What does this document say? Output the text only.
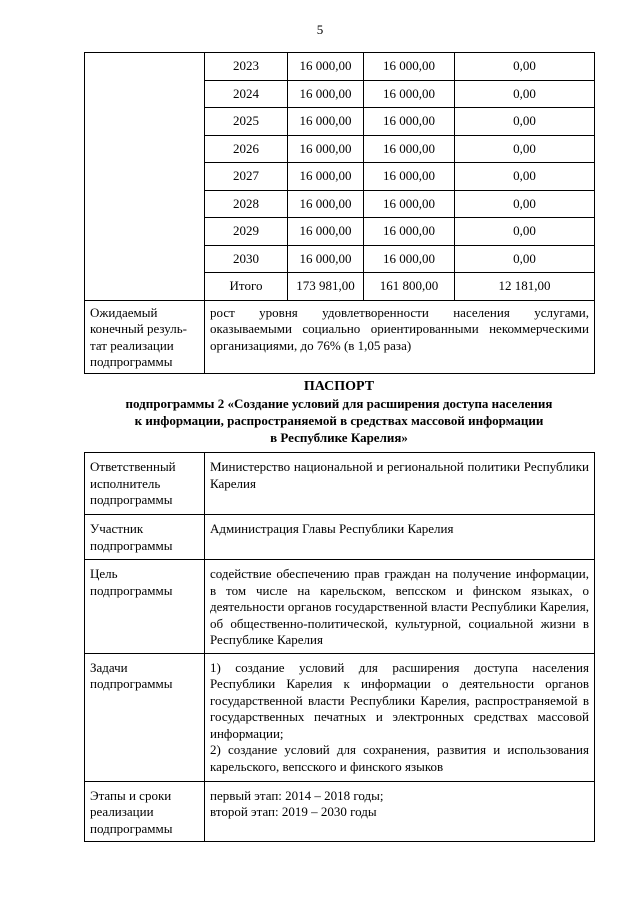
5
	2023	16 000,00	16 000,00	0,00
	2024	16 000,00	16 000,00	0,00
	2025	16 000,00	16 000,00	0,00
	2026	16 000,00	16 000,00	0,00
	2027	16 000,00	16 000,00	0,00
	2028	16 000,00	16 000,00	0,00
	2029	16 000,00	16 000,00	0,00
	2030	16 000,00	16 000,00	0,00
	Итого	173 981,00	161 800,00	12 181,00

Ожидаемый
конечный резуль-
тат реализации
подпрограммы	рост уровня удовлетворенности населения услугами, оказываемыми социально ориентированными некоммерческими организациями, до 76% (в 1,05 раза)			
ПАСПОРТ
подпрограммы 2 «Создание условий для расширения доступа населения
к информации, распространяемой в средствах массовой информации
в Республике Карелия»
Ответственный исполнитель подпрограммы	Министерство национальной и региональной политики Республики Карелия
Участник подпрограммы	Администрация Главы Республики Карелия
Цель подпрограммы	содействие обеспечению прав граждан на получение информации, в том числе на карельском, вепсском и финском языках, о деятельности органов государственной власти Республики Карелия, об общественно-политической, культурной, социальной жизни в Республике Карелия
Задачи подпрограммы	1) создание условий для расширения доступа населения Республики Карелия к информации о деятельности органов государственной власти Республики Карелия, распространяемой в государственных печатных и электронных средствах массовой информации;
2) создание условий для сохранения, развития и использования карельского, вепсского и финского языков

Этапы и сроки реализации подпрограммы	первый этап: 2014 – 2018 годы;
второй этап: 2019 – 2030 годы
